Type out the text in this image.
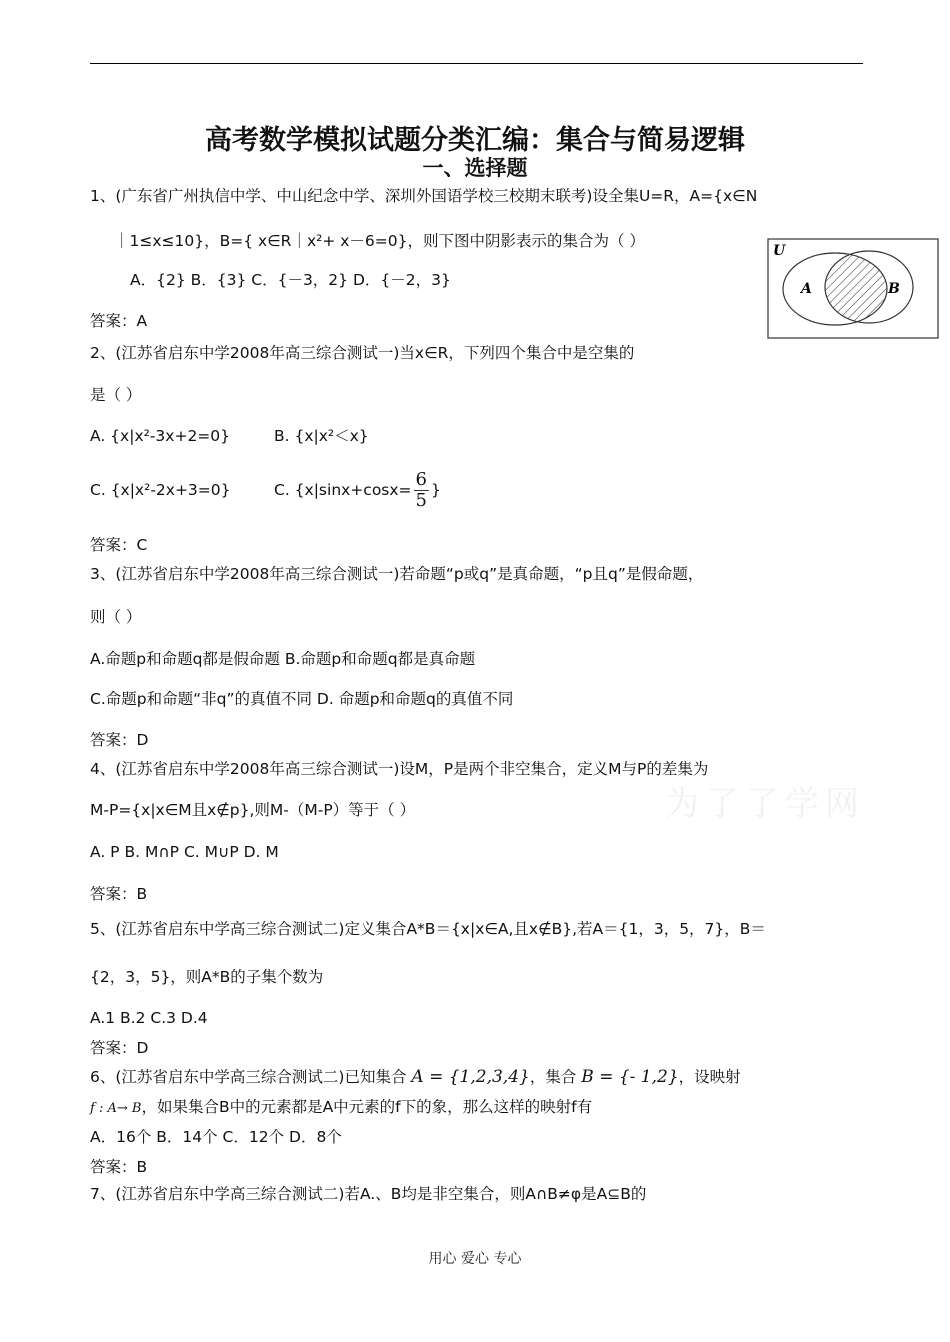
高考数学模拟试题分类汇编：集合与简易逻辑
一、选择题
1、(广东省广州执信中学、中山纪念中学、深圳外国语学校三校期末联考)设全集U=R，A={x∈N
｜1≤x≤10}，B={ x∈R｜x²+ x－6=0}，则下图中阴影表示的集合为（ ）
A．{2} B．{3} C．{－3，2} D．{－2，3}
答案：A
U
A	B
2、(江苏省启东中学2008年高三综合测试一)当x∈R，下列四个集合中是空集的
是（ ）
A. {x|x²-3x+2=0}	B. {x|x²＜x}
C. {x|x²-2x+3=0}	C. {$x|\sin x+\cos x= \frac{6}{5}$ }
答案：C
3、(江苏省启东中学2008年高三综合测试一)若命题“p或q”是真命题，“p且q”是假命题，
则（ ）
A.命题p和命题q都是假命题 B.命题p和命题q都是真命题
C.命题p和命题“非q”的真值不同 D. 命题p和命题q的真值不同
答案：D
4、(江苏省启东中学2008年高三综合测试一)设M，P是两个非空集合，定义M与P的差集为
M-P={x|x∈M且x∉p},则M-（M-P）等于（ ）	为了了学网
A. P B. M∩P C. M∪P D. M
答案：B
5、(江苏省启东中学高三综合测试二)定义集合A*B＝{x|x∈A,且x∉B},若A＝{1，3，5，7}，B＝
{2，3，5}，则A*B的子集个数为
A.1 B.2 C.3 D.4
答案：D
6、(江苏省启东中学高三综合测试二)已知集合 A = {1,2,3,4}，集合 B = {- 1,2}，设映射
f : A→ B，如果集合B中的元素都是A中元素的f下的象，那么这样的映射f有
A．16个 B．14个 C．12个 D．8个
答案：B
7、(江苏省启东中学高三综合测试二)若A.、B均是非空集合，则A∩B≠φ是A⊆B的
用心 爱心 专心
